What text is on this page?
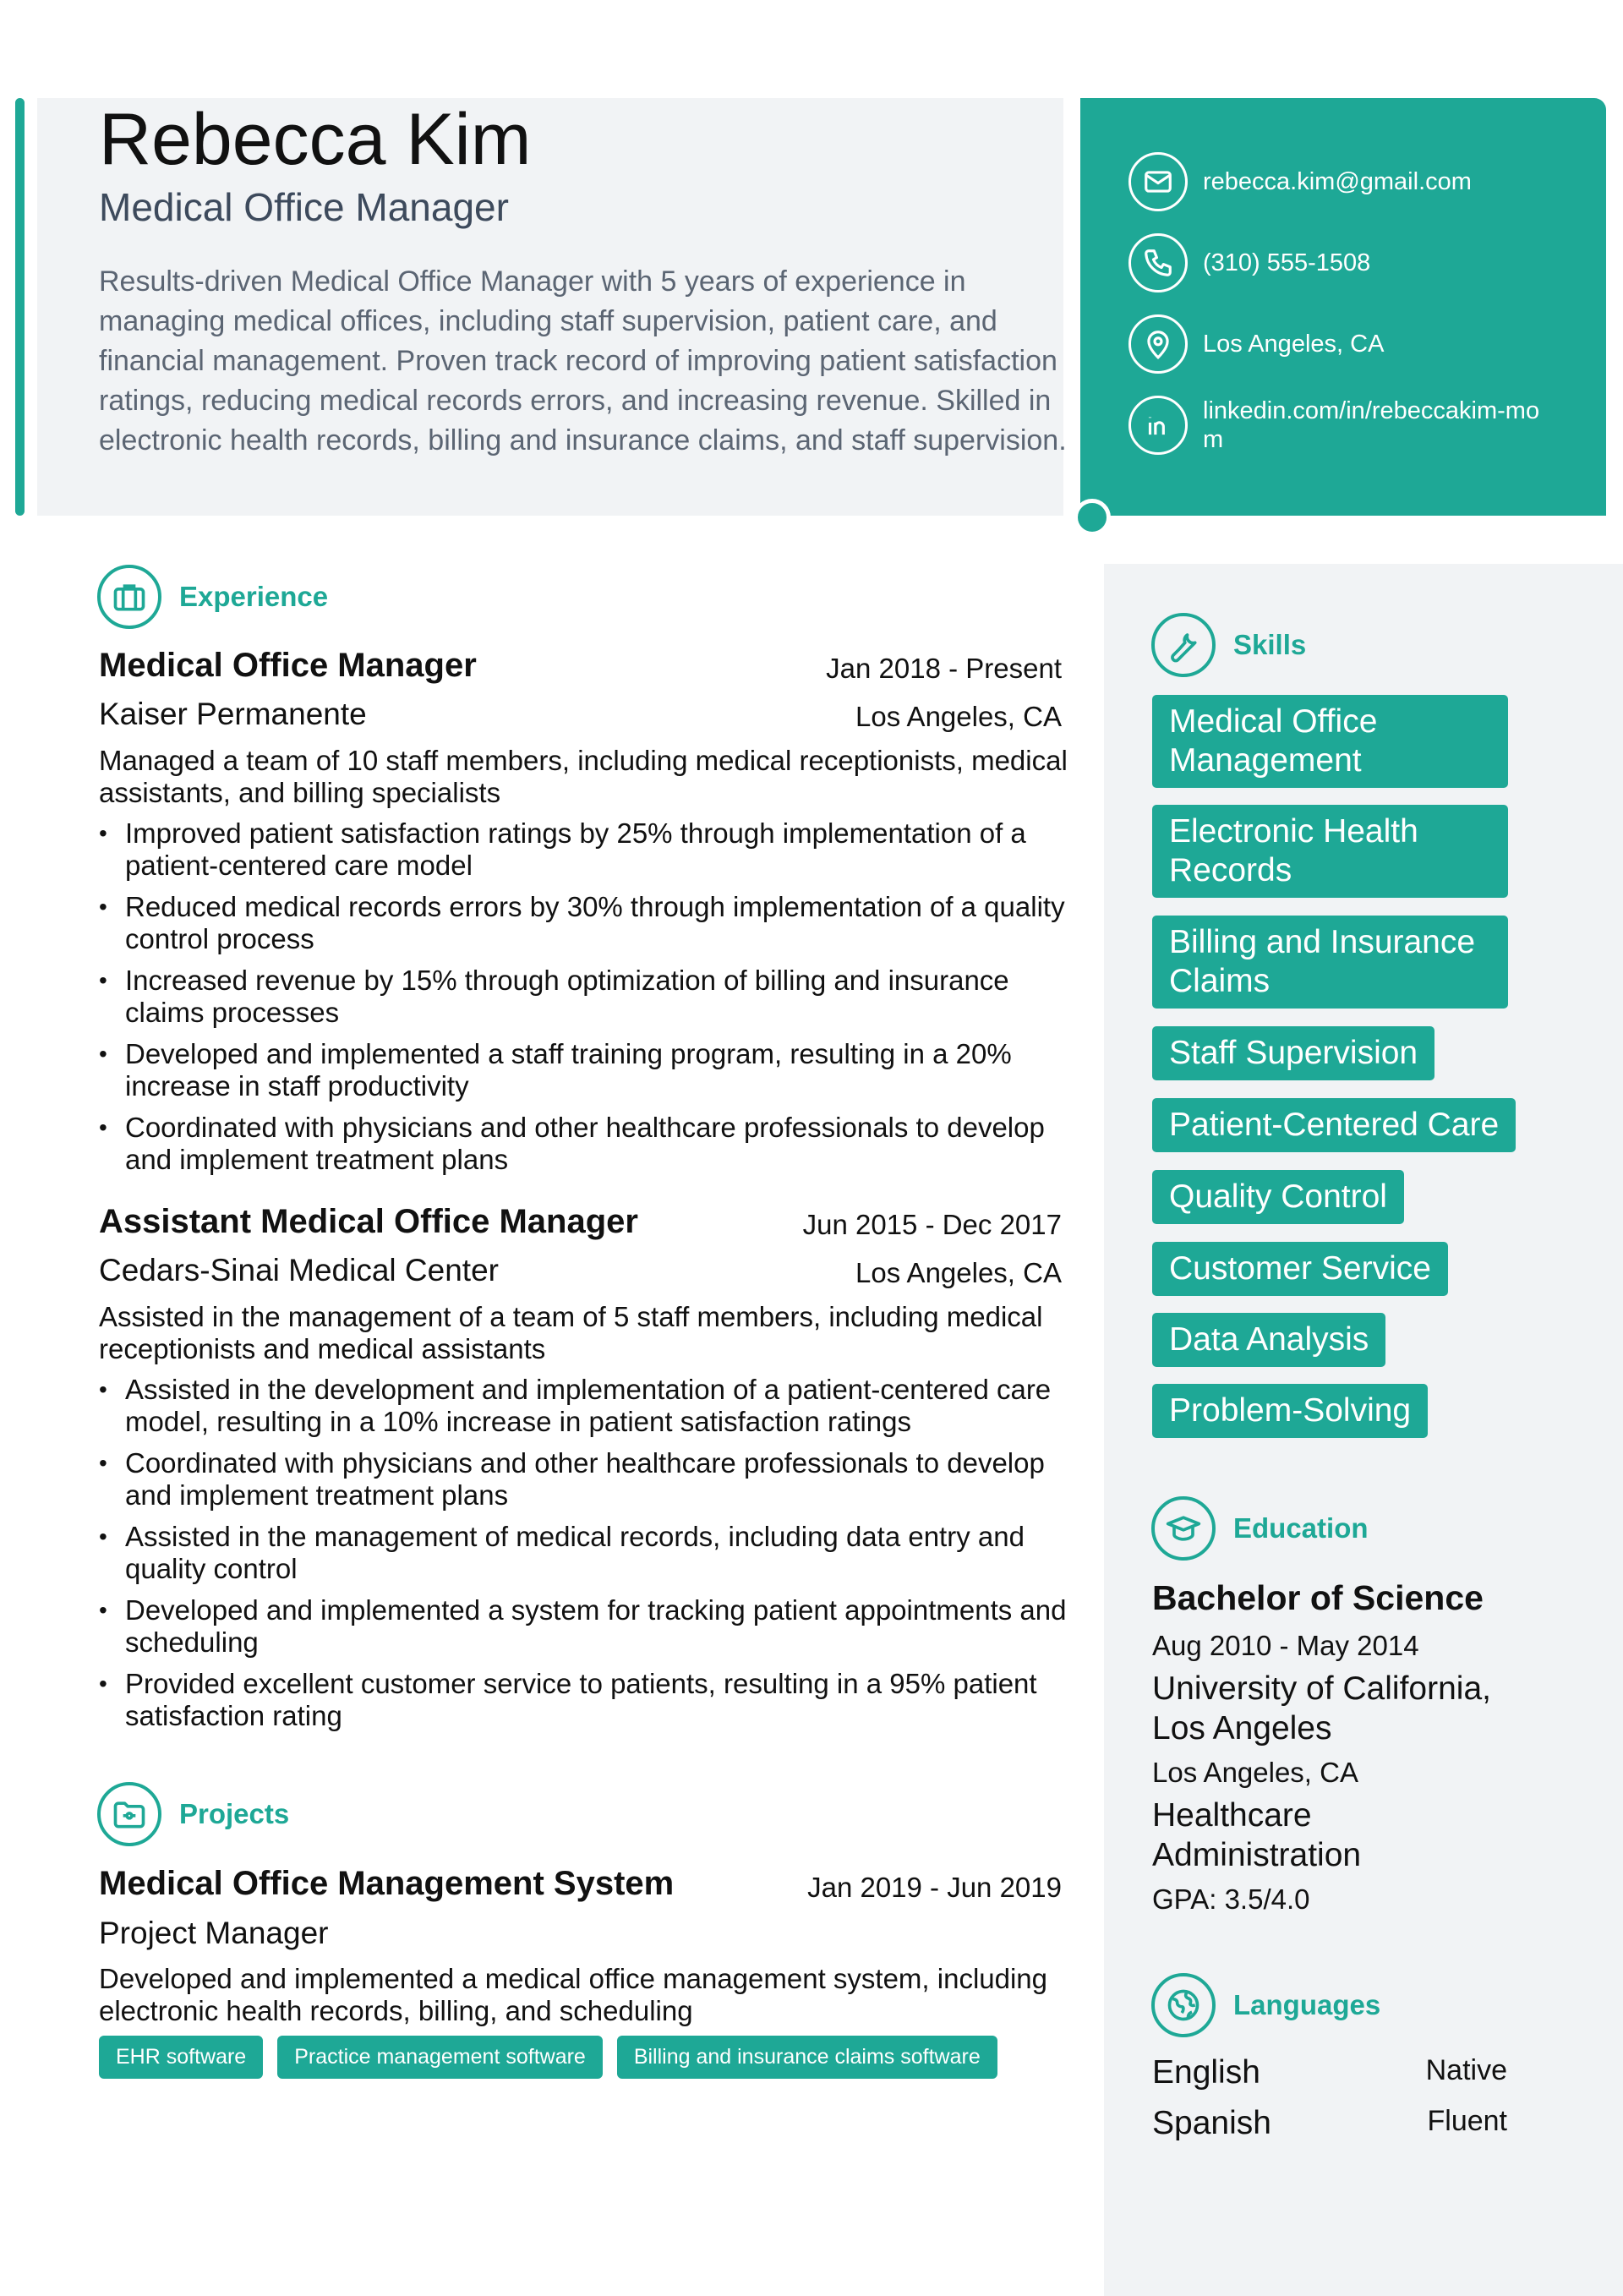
Rebecca Kim
Medical Office Manager
Results-driven Medical Office Manager with 5 years of experience in managing medical offices, including staff supervision, patient care, and financial management. Proven track record of improving patient satisfaction ratings, reducing medical records errors, and increasing revenue. Skilled in electronic health records, billing and insurance claims, and staff supervision.
rebecca.kim@gmail.com
(310) 555-1508
Los Angeles, CA
linkedin.com/in/rebeccakim-mom
Experience
Medical Office Manager	Jan 2018 - Present
Kaiser Permanente	Los Angeles, CA
Managed a team of 10 staff members, including medical receptionists, medical assistants, and billing specialists
• Improved patient satisfaction ratings by 25% through implementation of a patient-centered care model
• Reduced medical records errors by 30% through implementation of a quality control process
• Increased revenue by 15% through optimization of billing and insurance claims processes
• Developed and implemented a staff training program, resulting in a 20% increase in staff productivity
• Coordinated with physicians and other healthcare professionals to develop and implement treatment plans
Assistant Medical Office Manager	Jun 2015 - Dec 2017
Cedars-Sinai Medical Center	Los Angeles, CA
Assisted in the management of a team of 5 staff members, including medical receptionists and medical assistants
• Assisted in the development and implementation of a patient-centered care model, resulting in a 10% increase in patient satisfaction ratings
• Coordinated with physicians and other healthcare professionals to develop and implement treatment plans
• Assisted in the management of medical records, including data entry and quality control
• Developed and implemented a system for tracking patient appointments and scheduling
• Provided excellent customer service to patients, resulting in a 95% patient satisfaction rating
Projects
Medical Office Management System	Jan 2019 - Jun 2019
Project Manager
Developed and implemented a medical office management system, including electronic health records, billing, and scheduling
EHR software	Practice management software	Billing and insurance claims software
Skills
Medical Office Management
Electronic Health Records
Billing and Insurance Claims
Staff Supervision
Patient-Centered Care
Quality Control
Customer Service
Data Analysis
Problem-Solving
Education
Bachelor of Science
Aug 2010 - May 2014
University of California, Los Angeles
Los Angeles, CA
Healthcare Administration
GPA: 3.5/4.0
Languages
English	Native
Spanish	Fluent
